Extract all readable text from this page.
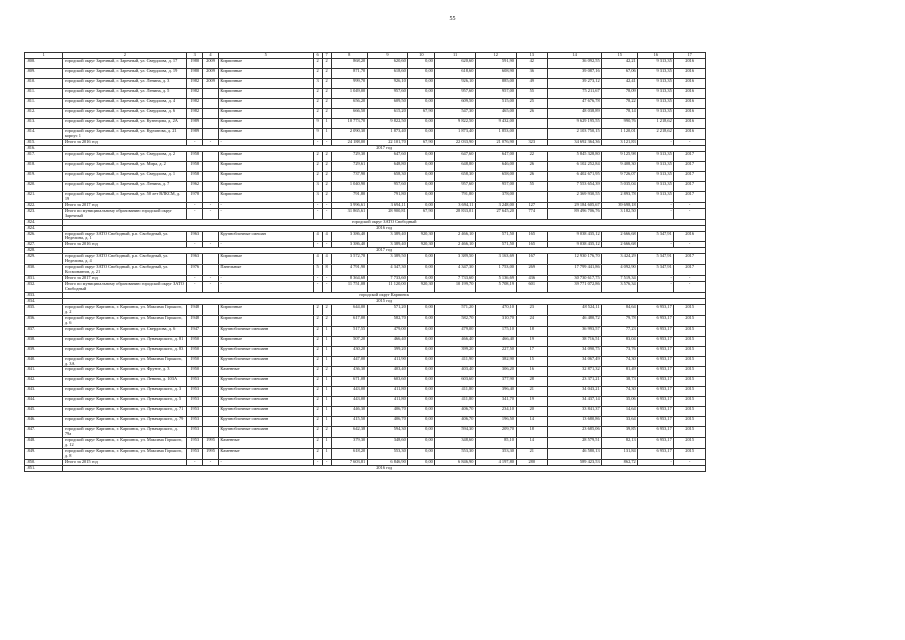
55
1	2	3	4	5	6	7	8	9	10	11	12	13	14	15	16	17
.808.	городской округ Заречный, г. Заречный, ул. Свердлова, д. 17	1980	2009	Кирпичные	2	2	868,20	620,60	0,00	620,60	591,90	42	36 092,55	42,21	9 313,35	2016
.809.	городской округ Заречный, г. Заречный, ул. Свердлова, д. 19	1980	2009	Кирпичные	2	2	871,70	618,60	0,00	618,60	608,90	36	39 087,16	67,06	9 313,35	2016
.810.	городской округ Заречный, г. Заречный, ул. Ленина, д. 3	1982	2009	Кирпичные	3	2	999,70	926,10	0,00	926,10	885,00	49	39 273,12	42,41	9 313,35	2016
.811.	городской округ Заречный, г. Заречный, ул. Ленина, д. 5	1982		Кирпичные	2	2	1 049,00	957,60	0,00	957,60	957,00	55	75 211,67	78,09	9 313,35	2016
.811.	городской округ Заречный, г. Заречный, ул. Свердлова, д. 4	1982		Кирпичные	2	2	656,20	609,50	0,00	609,50	515,00	25	47 676,78	78,22	9 313,35	2016
.812.	городской округ Заречный, г. Заречный, ул. Свердлова, д. 6	1982		Кирпичные	2	2	666,50	615,20	67,90	547,30	465,00	26	48 038,89	78,14	9 313,35	2016
.813.	городской округ Заречный, г. Заречный, ул. Кузнецова, д. 2А	1989		Кирпичные	9	1	10 773,70	9 822,50	0,00	9 822,50	9 432,00		9 629 195,55	990,76	1 218,62	2016
.814.	городской округ Заречный, г. Заречный, ул. Курчатова, д. 21 корпус 1	1989		Кирпичные	9	1	2 090,30	1 873,40	0,00	1 873,40	1 853,00		2 103 750,15	1 120,01	2 218,62	2016
.815.	Итого за 2016 год	-	-	-	-	-	24 188,00	22 101,70	67,90	22 033,90	21 076,90	323	34 692 364,36	3 121,83	-	-
.816.	2017 год															
.817.	городской округ Заречный, г. Заречный, ул. Свердлова, д. 2	1958		Кирпичные	2	2	729,30	647,60	0,00	647,60	647,00	22	5 845 328,80	9 125,98	9 313,35	2017
.818.	городской округ Заречный, г. Заречный, ул. Мира, д. 2	1958		Кирпичные	2	2	729,61	648,80	0,00	648,80	646,00	26	6 102 252,84	9 408,30	9 313,35	2017
.819.	городской округ Заречный, г. Заречный, ул. Свердлова, д. 1	1958		Кирпичные	2	2	737,90	658,30	0,00	658,30	658,00	26	6 402 671,95	9 726,07	9 313,35	2017
.820.	городской округ Заречный, г. Заречный, ул. Ленина, д. 7	1962		Кирпичные	3	2	1 040,90	957,60	0,00	957,60	957,00	55	7 553 654,39	5 035,04	9 313,35	2017
.821.	городской округ Заречный, г. Заречный, ул. 50 лет ВЛКСМ, д. 19	1978		Кирпичные	3	2	791,80	791,80	0,00	791,80	378,00		2 369 930,55	2 893,78	9 313,35	2017
.822.	Итого за 2017 год	-	-	-	-	-	3 996,61	3 694,11	0,00	3 694,11	3 248,00	127	29 184 605,67	39 698,18	-	-
.823.	Итого по муниципальному образованию городской округ Заречный	-	-	-	-	-	31 865,61	28 900,81	67,90	28 833,01	27 645,20	774	89 496 706,76	3 182,50	-	-
.824.	городской округ ЗАТО Свободный															
.824.	2016 год															
.826.	городской округ ЗАТО Свободный, р.п. Свободный, ул. Неделина, д. 1	1963		Крупноблочные смешан	4	4	3 386,40	3 389,40	920,30	2 466,10	571,50	165	9 038 435,12	2 666,68	5 347,91	2016
.827.	Итого за 2016 год	-	-	-	-	-	3 386,40	3 389,40	920,30	2 466,10	571,50	165	9 038 435,12	2 666,68	-	-
.828.	2017 год															
.829.	городской округ ЗАТО Свободный, р.п. Свободный, ул. Неделина, д. 4	1963		Кирпичные	4	4	3 572,78	3 389,50	0,00	3 389,50	3 163,69	167	12 930 176,70	3 424,29	5 347,91	2017
.830.	городской округ ЗАТО Свободный, р.п. Свободный, ул. Космонавтов, д. 21	1976		Панельные	5	8	4 791,90	4 347,30	0,00	4 347,30	1 753,00	269	17 799 441,86	4 092,90	5 347,91	2017
.831.	Итого за 2017 год	-	-	-	-	-	8 364,68	7 733,60	0,00	7 733,60	5 136,69	436	30 730 617,75	7 519,34	-	-
.832.	Итого по муниципальному образованию городской округ ЗАТО Свободный	-	-	-	-	-	11 751,08	11 120,00	920,30	10 199,70	5 708,19	601	39 771 072,86	3 576,34	-	-
.833.	городской округ Карпинск															
.834.	2015 год															
.835.	городской округ Карпинск, г. Карпинск, ул. Максима Горького, д. 2	1948		Кирпичные	2	2	644,00	571,20	0,00	571,20	470,10	23	48 524,11	84,64	6 953,17	2015
.836.	городской округ Карпинск, г. Карпинск, ул. Максима Горького, д. 6	1948		Кирпичные	2	2	617,00	582,70	0,00	582,70	310,70	24	46 480,72	79,78	6 953,17	2015
.837.	городской округ Карпинск, г. Карпинск, ул. Свердлова, д. 6	1947		Крупноблочные смешанн	2	1	517,55	479,00	0,00	479,00	175,10	18	36 993,57	77,23	6 953,17	2015
.838.	городской округ Карпинск, г. Карпинск, ул. Луначарского, д. 81	1950		Кирпичные	2	1	507,20	466,40	0,00	466,40	466,40	19	38 716,51	83,04	6 953,17	2015
.839.	городской округ Карпинск, г. Карпинск, ул. Луначарского, д. 83	1950		Крупноблочные смешанн	2	1	430,20	399,20	0,00	399,20	227,50	17	34 090,75	73,76	6 953,17	2015
.840.	городской округ Карпинск, г. Карпинск, ул. Максима Горького, д. 3А	1950		Крупноблочные смешанн	2	1	447,00	411,90	0,00	411,90	382,90	15	34 067,49	74,30	6 953,17	2015
.841.	городской округ Карпинск, г. Карпинск, ул. Фрунзе, д. 3	1950		Каменные	2	2	436,30	403,40	0,00	403,40	306,20	16	32 871,32	81,49	6 953,17	2015
.842.	городской округ Карпинск, г. Карпинск, ул. Ленина, д. 103А	1953		Крупноблочные смешанн	2	1	671,08	603,60	0,00	603,60	377,90	28	23 371,21	38,73	6 953,17	2015
.843.	городской округ Карпинск, г. Карпинск, ул. Луначарского, д. 3	1953		Крупноблочные смешанн	2	1	443,00	411,80	0,00	411,80	396,40	21	34 043,21	74,30	6 953,17	2015
.844.	городской округ Карпинск, г. Карпинск, ул. Луначарского, д. 5	1953		Крупноблочные смешанн	2	1	443,00	411,80	0,00	411,80	341,70	19	34 437,14	35,06	6 953,17	2015
.845.	городской округ Карпинск, г. Карпинск, ул. Луначарского, д. 71	1953		Крупноблочные смешанн	2	1	446,30	406,70	0,00	406,70	234,10	20	33 841,37	14,64	6 953,17	2015
.846.	городской округ Карпинск, г. Карпинск, ул. Луначарского, д. 79	1953		Крупноблочные смешанн	2	1	415,50	406,70	0,00	406,70	196,50	14	13 680,86	33,64	6 953,17	2015
.847.	городской округ Карпинск, г. Карпинск, ул. Луначарского, д. 79а	1953		Крупноблочные смешанн	2	2	642,38	594,30	0,00	594,30	209,70	18	23 685,06	39,85	6 953,17	2015
.848.	городской округ Карпинск, г. Карпинск, ул. Максима Горького, д. 12	1953	1995	Каменные	2	1	379,30	348,60	0,00	348,60	85,10	14	28 579,51	82,13	6 953,17	2015
.849.	городской округ Карпинск, г. Карпинск, ул. Максима Горького, д. 8	1953	1995	Каменные	2	1	618,20	553,30	0,00	553,30	353,30	21	46 580,13	131,84	6 953,17	2015
.850.	Итого за 2015 год	-	-	-	-	-	7 603,81	6 846,90	0,00	6 846,90	4 197,80	280	589 423,53	862,72	-	-
.851.	2016 год															
